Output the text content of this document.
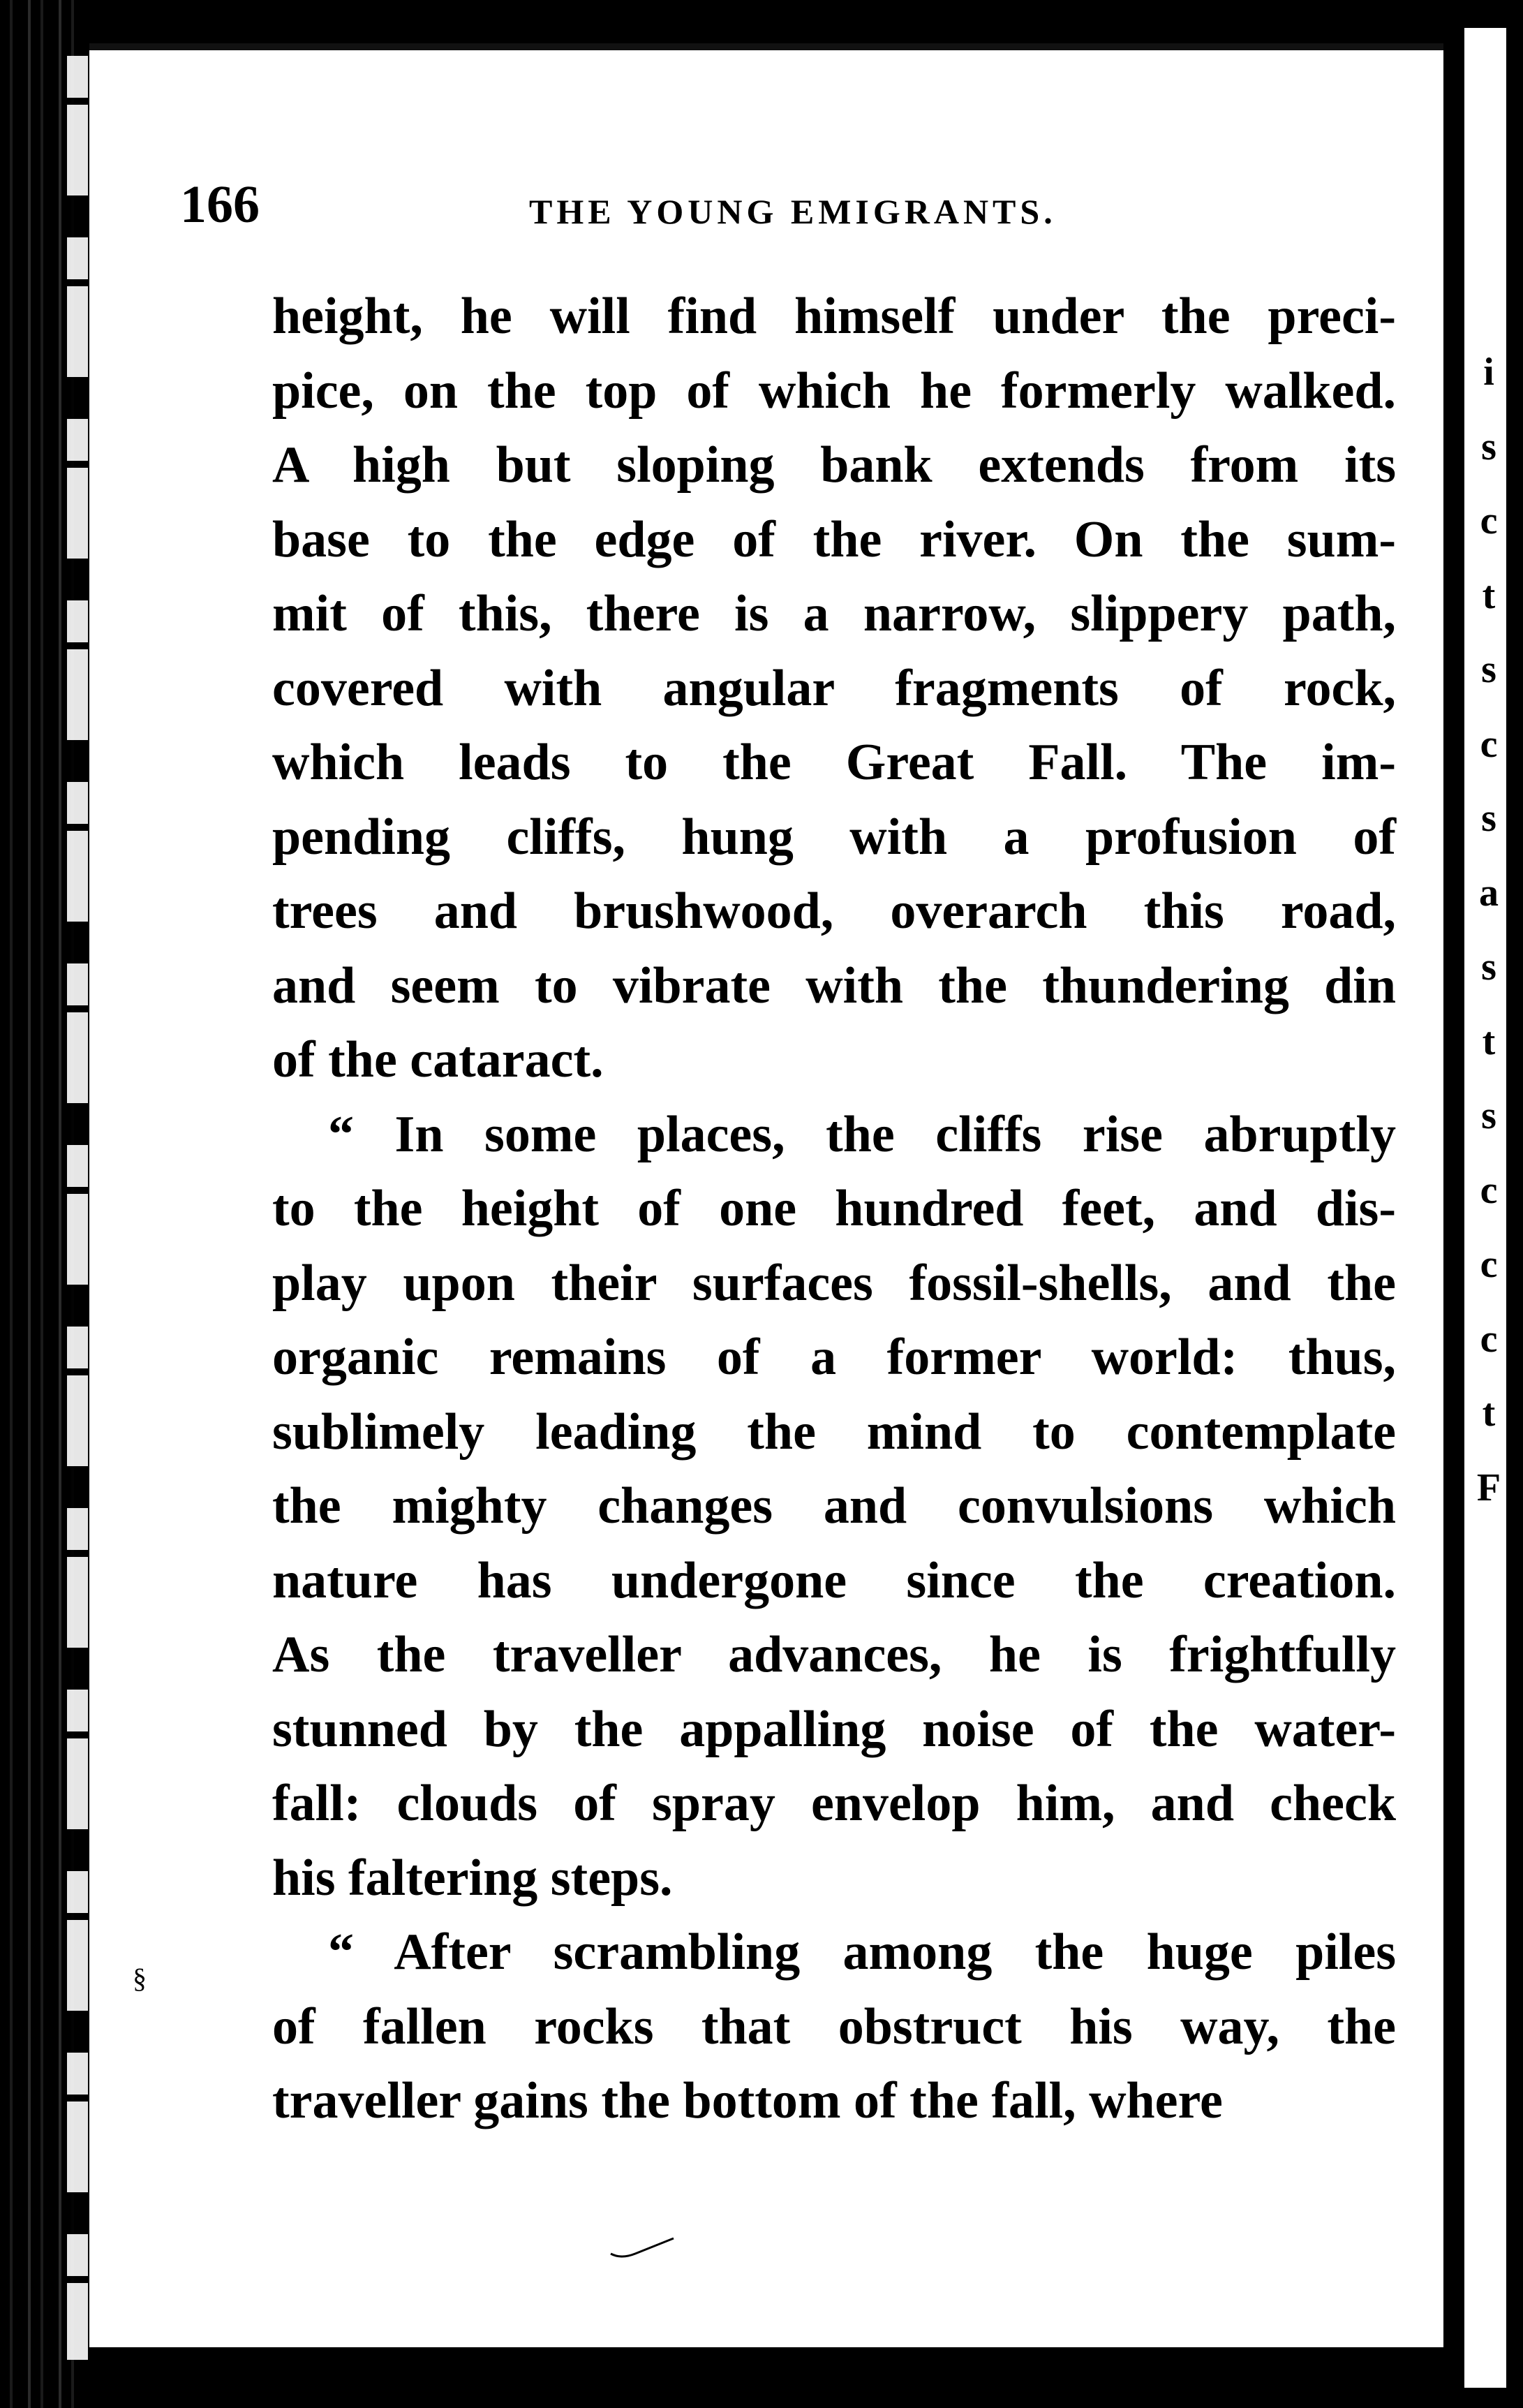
166	THE YOUNG EMIGRANTS.
height, he will find himself under the preci-
pice, on the top of which he formerly walked.
A high but sloping bank extends from its
base to the edge of the river. On the sum-
mit of this, there is a narrow, slippery path,
covered with angular fragments of rock,
which leads to the Great Fall. The im-
pending cliffs, hung with a profusion of
trees and brushwood, overarch this road,
and seem to vibrate with the thundering din
of the cataract.
“ In some places, the cliffs rise abruptly
to the height of one hundred feet, and dis-
play upon their surfaces fossil-shells, and the
organic remains of a former world: thus,
sublimely leading the mind to contemplate
the mighty changes and convulsions which
nature has undergone since the creation.
As the traveller advances, he is frightfully
stunned by the appalling noise of the water-
fall: clouds of spray envelop him, and check
his faltering steps.
“ After scrambling among the huge piles
of fallen rocks that obstruct his way, the
traveller gains the bottom of the fall, where
i
s
c
t
s
c
s
a
s
t
s
c
c
c
t
F
§
